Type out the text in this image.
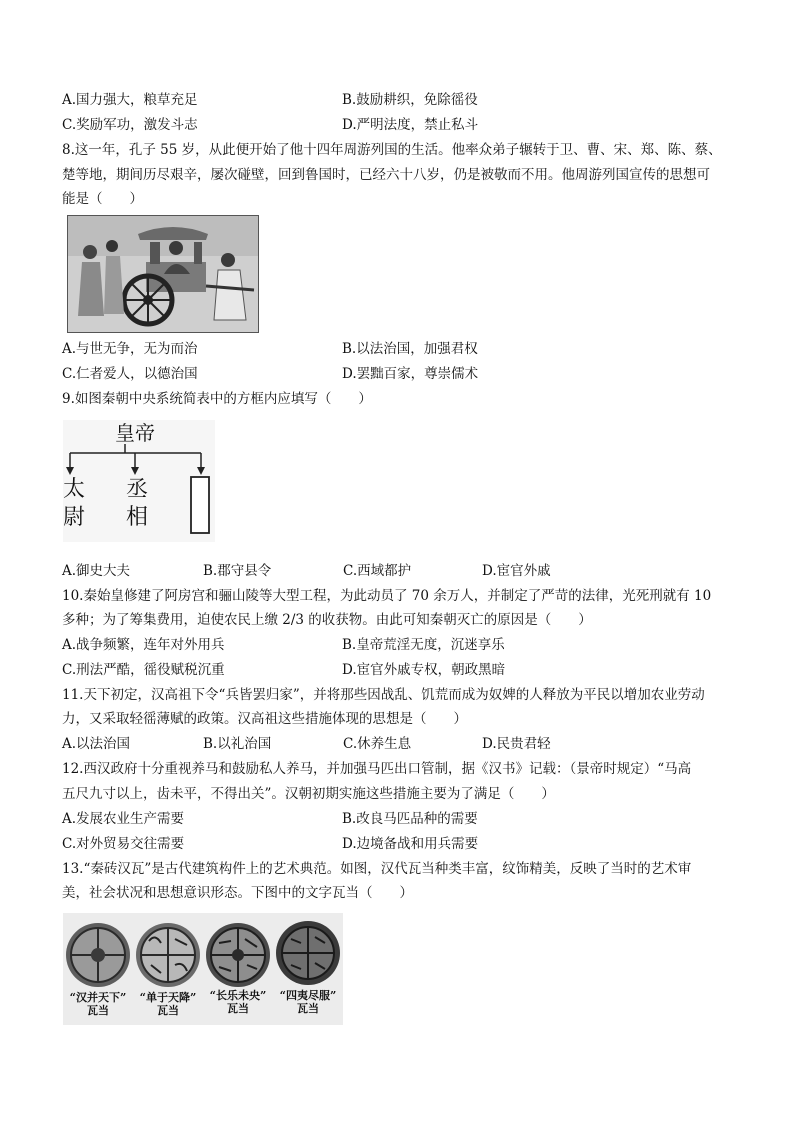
A.国力强大，粮草充足	B.鼓励耕织，免除徭役
C.奖励军功，激发斗志	D.严明法度，禁止私斗
8.这一年，孔子 55 岁，从此便开始了他十四年周游列国的生活。他率众弟子辗转于卫、曹、宋、郑、陈、蔡、
楚等地，期间历尽艰辛，屡次碰壁，回到鲁国时，已经六十八岁，仍是被敬而不用。他周游列国宣传的思想可
能是（　　）
A.与世无争，无为而治	B.以法治国，加强君权
C.仁者爱人，以德治国	D.罢黜百家，尊崇儒术
9.如图秦朝中央系统简表中的方框内应填写（　　）
皇帝
太
尉
丞
相
A.御史大夫	B.郡守县令	C.西域都护	D.宦官外戚
10.秦始皇修建了阿房宫和骊山陵等大型工程，为此动员了 70 余万人，并制定了严苛的法律，光死刑就有 10
多种；为了筹集费用，迫使农民上缴 2/3 的收获物。由此可知秦朝灭亡的原因是（　　）
A.战争频繁，连年对外用兵	B.皇帝荒淫无度，沉迷享乐
C.刑法严酷，徭役赋税沉重	D.宦官外戚专权，朝政黑暗
11.天下初定，汉高祖下令“兵皆罢归家”，并将那些因战乱、饥荒而成为奴婢的人释放为平民以增加农业劳动
力，又采取轻徭薄赋的政策。汉高祖这些措施体现的思想是（　　）
A.以法治国	B.以礼治国	C.休养生息	D.民贵君轻
12.西汉政府十分重视养马和鼓励私人养马，并加强马匹出口管制，据《汉书》记载：（景帝时规定）“马高
五尺九寸以上，齿未平，不得出关”。汉朝初期实施这些措施主要为了满足（　　）
A.发展农业生产需要	B.改良马匹品种的需要
C.对外贸易交往需要	D.边境备战和用兵需要
13.“秦砖汉瓦”是古代建筑构件上的艺术典范。如图，汉代瓦当种类丰富，纹饰精美，反映了当时的艺术审
美，社会状况和思想意识形态。下图中的文字瓦当（　　）
“汉并天下”
瓦当
“单于天降”
瓦当
“长乐未央”
瓦当
“四夷尽服”
瓦当
